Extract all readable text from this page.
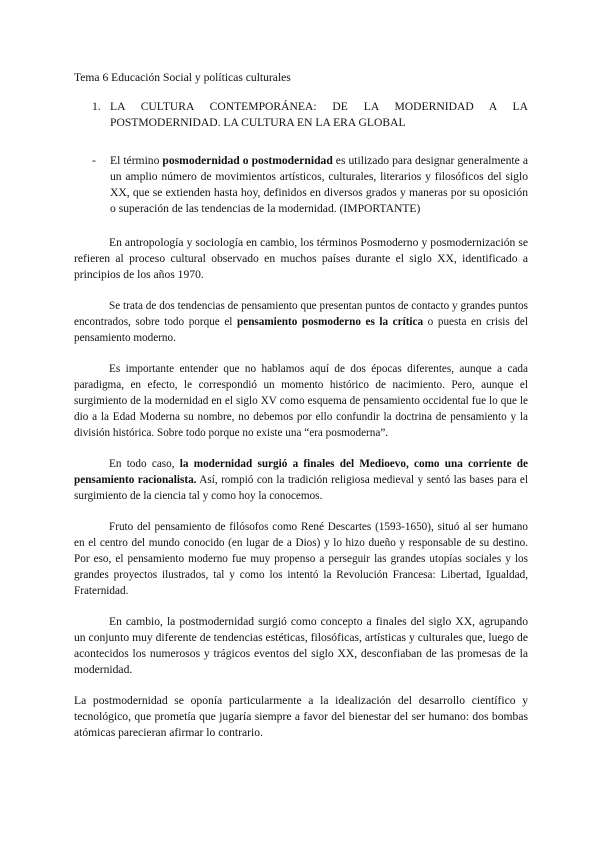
Tema 6 Educación Social y políticas culturales
1. LA CULTURA CONTEMPORÁNEA: DE LA MODERNIDAD A LA POSTMODERNIDAD. LA CULTURA EN LA ERA GLOBAL
-	El término posmodernidad o postmodernidad es utilizado para designar generalmente a un amplio número de movimientos artísticos, culturales, literarios y filosóficos del siglo XX, que se extienden hasta hoy, definidos en diversos grados y maneras por su oposición o superación de las tendencias de la modernidad. (IMPORTANTE)

En antropología y sociología en cambio, los términos Posmoderno y posmodernización se refieren al proceso cultural observado en muchos países durante el siglo XX, identificado a principios de los años 1970.

Se trata de dos tendencias de pensamiento que presentan puntos de contacto y grandes puntos encontrados, sobre todo porque el pensamiento posmoderno es la crítica o puesta en crisis del pensamiento moderno.

Es importante entender que no hablamos aquí de dos épocas diferentes, aunque a cada paradigma, en efecto, le correspondió un momento histórico de nacimiento. Pero, aunque el surgimiento de la modernidad en el siglo XV como esquema de pensamiento occidental fue lo que le dio a la Edad Moderna su nombre, no debemos por ello confundir la doctrina de pensamiento y la división histórica. Sobre todo porque no existe una “era posmoderna”.

En todo caso, la modernidad surgió a finales del Medioevo, como una corriente de pensamiento racionalista. Así, rompió con la tradición religiosa medieval y sentó las bases para el surgimiento de la ciencia tal y como hoy la conocemos.

Fruto del pensamiento de filósofos como René Descartes (1593-1650), situó al ser humano en el centro del mundo conocido (en lugar de a Dios) y lo hizo dueño y responsable de su destino. Por eso, el pensamiento moderno fue muy propenso a perseguir las grandes utopías sociales y los grandes proyectos ilustrados, tal y como los intentó la Revolución Francesa: Libertad, Igualdad, Fraternidad.

En cambio, la postmodernidad surgió como concepto a finales del siglo XX, agrupando un conjunto muy diferente de tendencias estéticas, filosóficas, artísticas y culturales que, luego de acontecidos los numerosos y trágicos eventos del siglo XX, desconfiaban de las promesas de la modernidad.

La postmodernidad se oponía particularmente a la idealización del desarrollo científico y tecnológico, que prometía que jugaría siempre a favor del bienestar del ser humano: dos bombas atómicas parecieran afirmar lo contrario.
